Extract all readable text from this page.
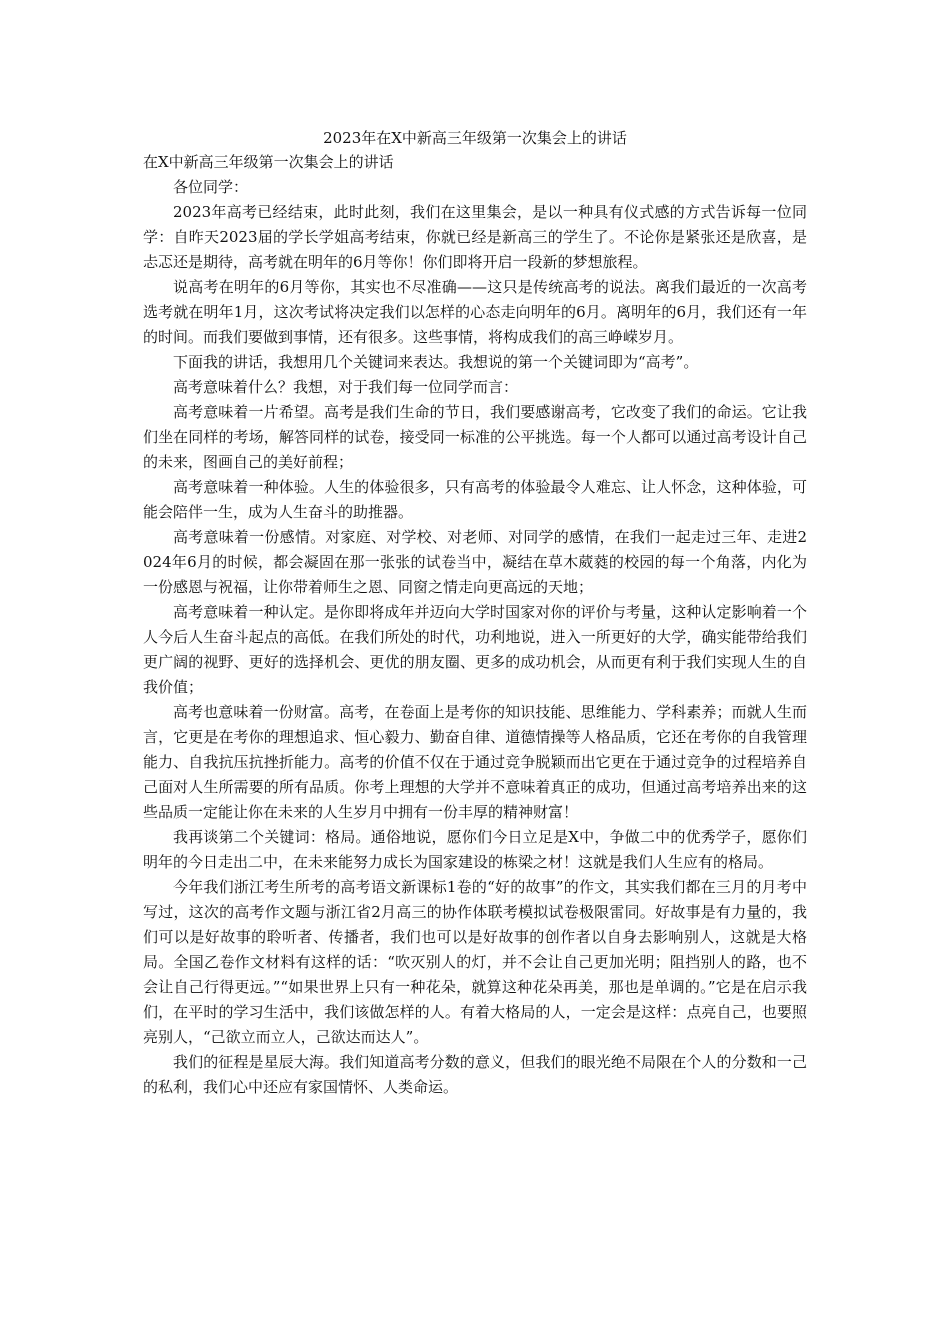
2023年在X中新高三年级第一次集会上的讲话

在X中新高三年级第一次集会上的讲话

各位同学：

2023年高考已经结束，此时此刻，我们在这里集会，是以一种具有仪式感的方式告诉每一位同学：自昨天2023届的学长学姐高考结束，你就已经是新高三的学生了。不论你是紧张还是欣喜，是忐忑还是期待，高考就在明年的6月等你！你们即将开启一段新的梦想旅程。

说高考在明年的6月等你，其实也不尽准确——这只是传统高考的说法。离我们最近的一次高考选考就在明年1月，这次考试将决定我们以怎样的心态走向明年的6月。离明年的6月，我们还有一年的时间。而我们要做到事情，还有很多。这些事情，将构成我们的高三峥嵘岁月。

下面我的讲话，我想用几个关键词来表达。我想说的第一个关键词即为“高考”。

高考意味着什么？我想，对于我们每一位同学而言：

高考意味着一片希望。高考是我们生命的节日，我们要感谢高考，它改变了我们的命运。它让我们坐在同样的考场，解答同样的试卷，接受同一标准的公平挑选。每一个人都可以通过高考设计自己的未来，图画自己的美好前程；

高考意味着一种体验。人生的体验很多，只有高考的体验最令人难忘、让人怀念，这种体验，可能会陪伴一生，成为人生奋斗的助推器。

高考意味着一份感情。对家庭、对学校、对老师、对同学的感情，在我们一起走过三年、走进2024年6月的时候，都会凝固在那一张张的试卷当中，凝结在草木葳蕤的校园的每一个角落，内化为一份感恩与祝福，让你带着师生之恩、同窗之情走向更高远的天地；

高考意味着一种认定。是你即将成年并迈向大学时国家对你的评价与考量，这种认定影响着一个人今后人生奋斗起点的高低。在我们所处的时代，功利地说，进入一所更好的大学，确实能带给我们更广阔的视野、更好的选择机会、更优的朋友圈、更多的成功机会，从而更有利于我们实现人生的自我价值；

高考也意味着一份财富。高考，在卷面上是考你的知识技能、思维能力、学科素养；而就人生而言，它更是在考你的理想追求、恒心毅力、勤奋自律、道德情操等人格品质，它还在考你的自我管理能力、自我抗压抗挫折能力。高考的价值不仅在于通过竞争脱颖而出它更在于通过竞争的过程培养自己面对人生所需要的所有品质。你考上理想的大学并不意味着真正的成功，但通过高考培养出来的这些品质一定能让你在未来的人生岁月中拥有一份丰厚的精神财富！

我再谈第二个关键词：格局。通俗地说，愿你们今日立足是X中，争做二中的优秀学子，愿你们明年的今日走出二中，在未来能努力成长为国家建设的栋梁之材！这就是我们人生应有的格局。

今年我们浙江考生所考的高考语文新课标1卷的“好的故事”的作文，其实我们都在三月的月考中写过，这次的高考作文题与浙江省2月高三的协作体联考模拟试卷极限雷同。好故事是有力量的，我们可以是好故事的聆听者、传播者，我们也可以是好故事的创作者以自身去影响别人，这就是大格局。全国乙卷作文材料有这样的话：“吹灭别人的灯，并不会让自己更加光明；阻挡别人的路，也不会让自己行得更远。”“如果世界上只有一种花朵，就算这种花朵再美，那也是单调的。”它是在启示我们，在平时的学习生活中，我们该做怎样的人。有着大格局的人，一定会是这样：点亮自己，也要照亮别人，“己欲立而立人，己欲达而达人”。

我们的征程是星辰大海。我们知道高考分数的意义，但我们的眼光绝不局限在个人的分数和一己的私利，我们心中还应有家国情怀、人类命运。
